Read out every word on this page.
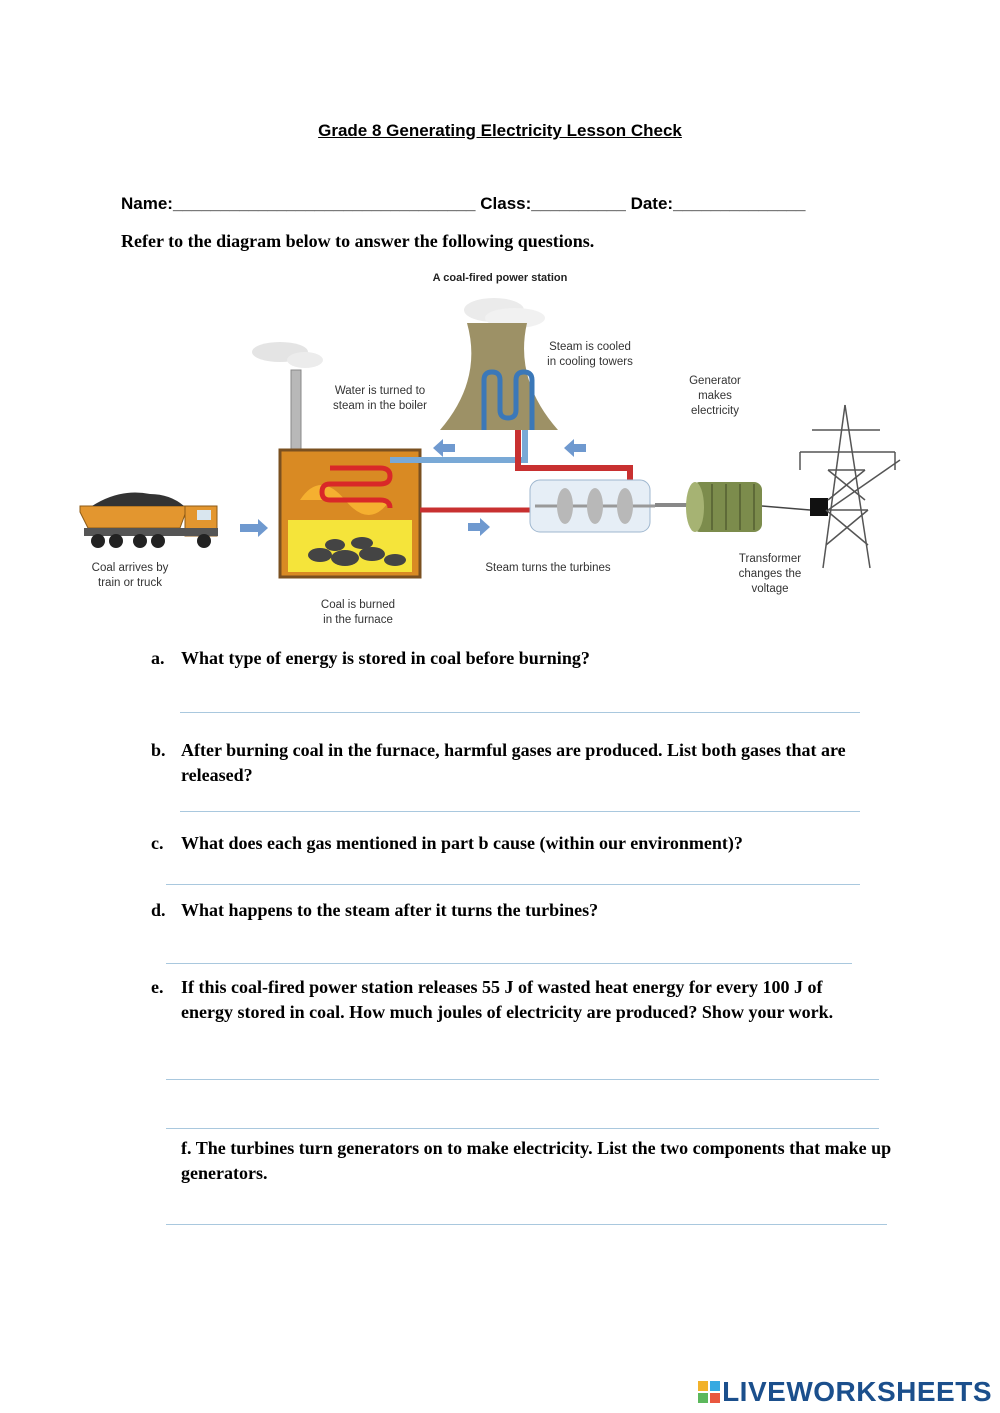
Grade 8 Generating Electricity Lesson Check
Name:________________________________ Class:__________ Date:______________
Refer to the diagram below to answer the following questions.
A coal-fired power station
Steam is cooled
in cooling towers
Water is turned to
steam in the boiler
Generator
makes
electricity
Coal arrives by
train or truck
Steam turns the turbines
Transformer
changes the
voltage
Coal is burned
in the furnace
a. What type of energy is stored in coal before burning?
b. After burning coal in the furnace, harmful gases are produced. List both gases that are released?
c. What does each gas mentioned in part b cause (within our environment)?
d. What happens to the steam after it turns the turbines?
e. If this coal-fired power station releases 55 J of wasted heat energy for every 100 J of energy stored in coal. How much joules of electricity are produced? Show your work.
f. The turbines turn generators on to make electricity. List the two components that make up generators.
LIVEWORKSHEETS
